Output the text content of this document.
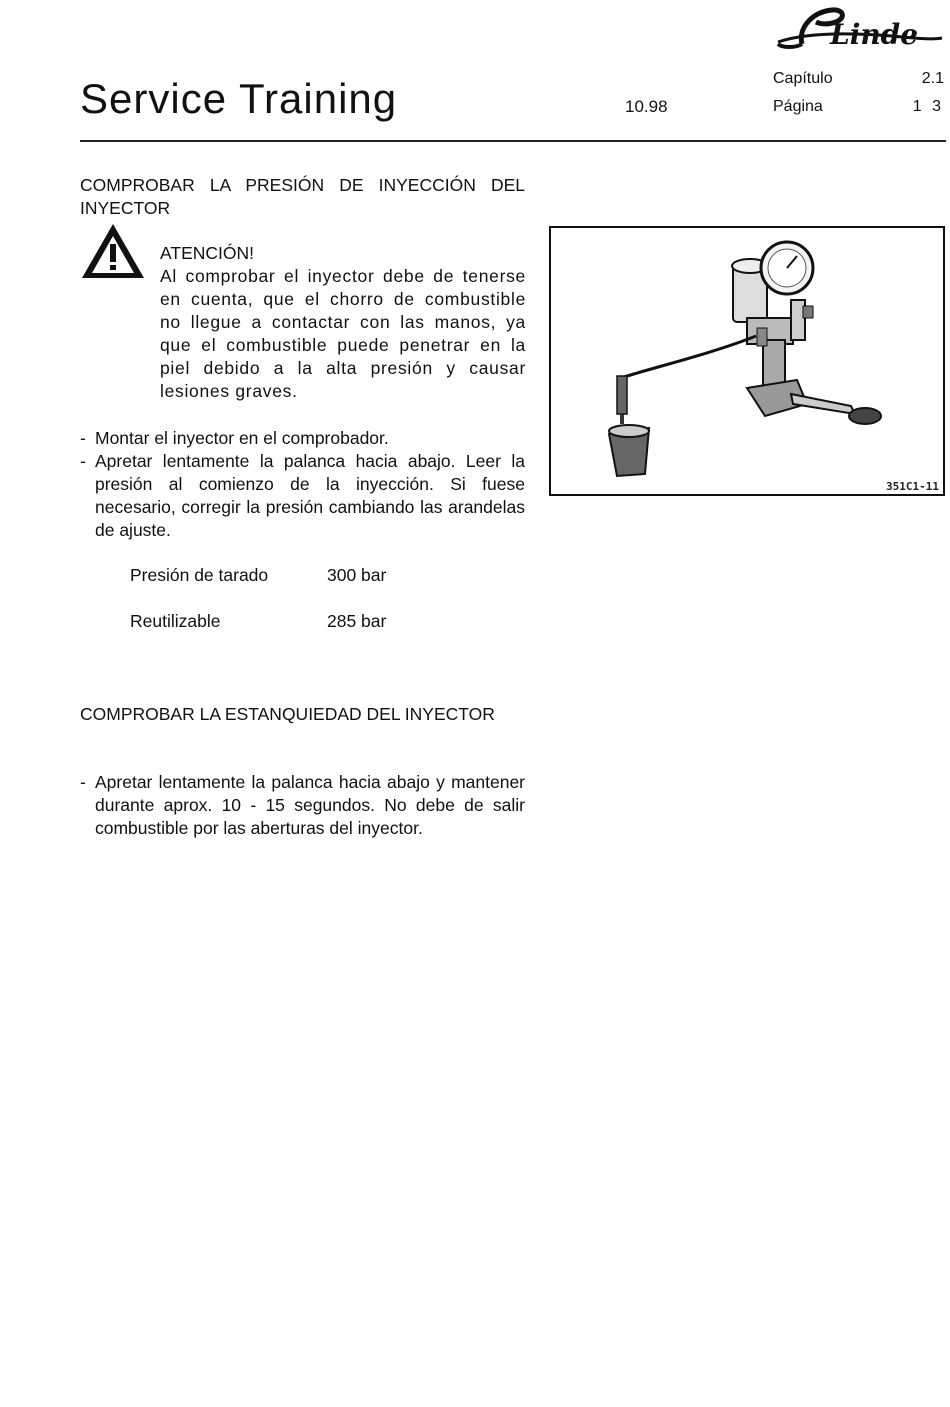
Linde
Service Training	10.98
Capítulo	2.1
Página	1 3
COMPROBAR LA PRESIÓN DE INYECCIÓN DEL INYECTOR
ATENCIÓN!
Al comprobar el inyector debe de tenerse
en cuenta, que el chorro de combustible
no llegue a contactar con las manos, ya
que el combustible puede penetrar en la
piel debido a la alta presión y causar
lesiones graves.
- Montar el inyector en el comprobador.
- Apretar lentamente la palanca hacia abajo. Leer la presión al comienzo de la inyección. Si fuese necesario, corregir la presión cambiando las arandelas de ajuste.
Presión de tarado	300 bar
Reutilizable	285 bar
COMPROBAR LA ESTANQUIEDAD DEL INYECTOR
- Apretar lentamente la palanca hacia abajo y mantener durante aprox. 10 - 15 segundos. No debe de salir combustible por las aberturas del inyector.
351C1-11
